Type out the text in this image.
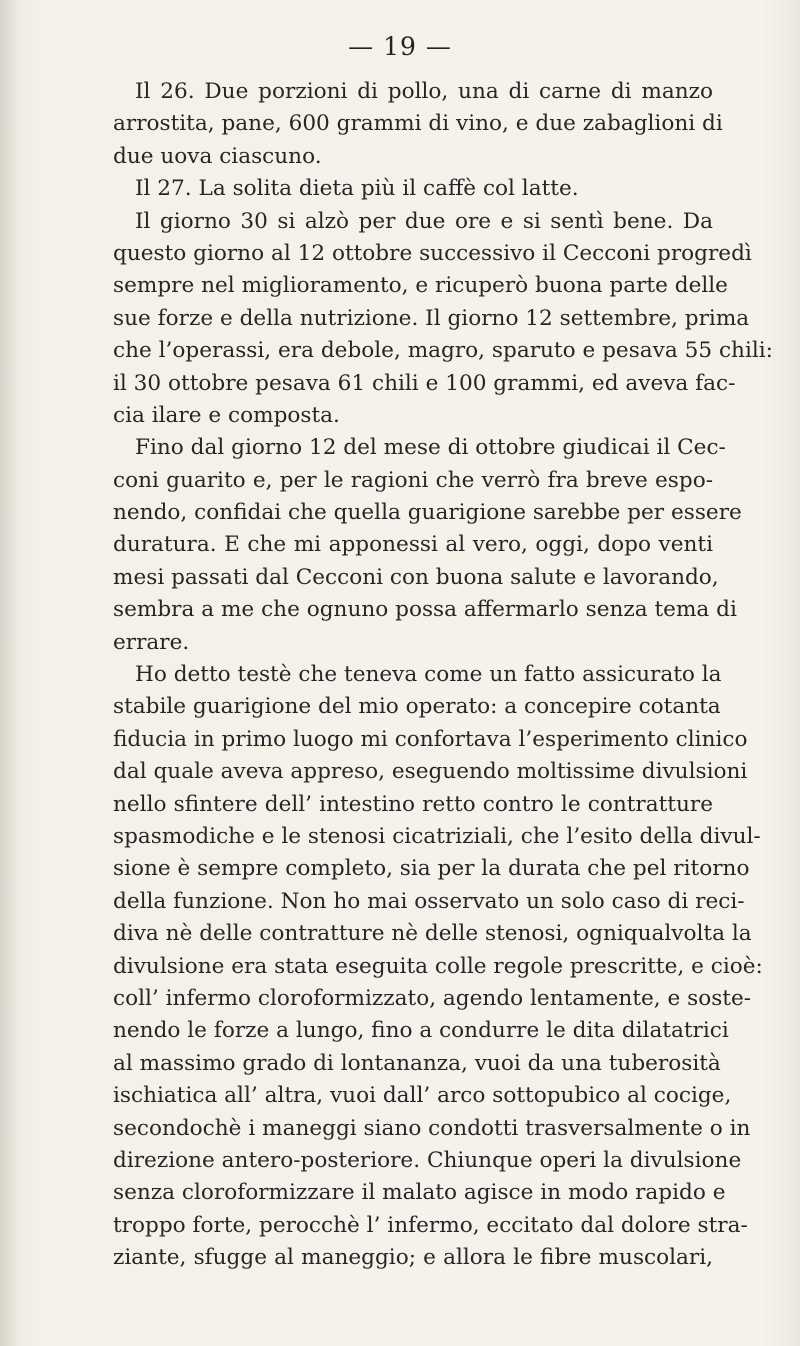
— 19 —
Il 26. Due porzioni di pollo, una di carne di manzo
arrostita, pane, 600 grammi di vino, e due zabaglioni di
due uova ciascuno.
Il 27. La solita dieta più il caffè col latte.
Il giorno 30 si alzò per due ore e si sentì bene. Da
questo giorno al 12 ottobre successivo il Cecconi progredì
sempre nel miglioramento, e ricuperò buona parte delle
sue forze e della nutrizione. Il giorno 12 settembre, prima
che l’operassi, era debole, magro, sparuto e pesava 55 chili:
il 30 ottobre pesava 61 chili e 100 grammi, ed aveva fac-
cia ilare e composta.
Fino dal giorno 12 del mese di ottobre giudicai il Cec-
coni guarito e, per le ragioni che verrò fra breve espo-
nendo, confidai che quella guarigione sarebbe per essere
duratura. E che mi apponessi al vero, oggi, dopo venti
mesi passati dal Cecconi con buona salute e lavorando,
sembra a me che ognuno possa affermarlo senza tema di
errare.
Ho detto testè che teneva come un fatto assicurato la
stabile guarigione del mio operato: a concepire cotanta
fiducia in primo luogo mi confortava l’esperimento clinico
dal quale aveva appreso, eseguendo moltissime divulsioni
nello sfintere dell’ intestino retto contro le contratture
spasmodiche e le stenosi cicatriziali, che l’esito della divul-
sione è sempre completo, sia per la durata che pel ritorno
della funzione. Non ho mai osservato un solo caso di reci-
diva nè delle contratture nè delle stenosi, ogniqualvolta la
divulsione era stata eseguita colle regole prescritte, e cioè:
coll’ infermo cloroformizzato, agendo lentamente, e soste-
nendo le forze a lungo, fino a condurre le dita dilatatrici
al massimo grado di lontananza, vuoi da una tuberosità
ischiatica all’ altra, vuoi dall’ arco sottopubico al cocige,
secondochè i maneggi siano condotti trasversalmente o in
direzione antero-posteriore. Chiunque operi la divulsione
senza cloroformizzare il malato agisce in modo rapido e
troppo forte, perocchè l’ infermo, eccitato dal dolore stra-
ziante, sfugge al maneggio; e allora le fibre muscolari,
